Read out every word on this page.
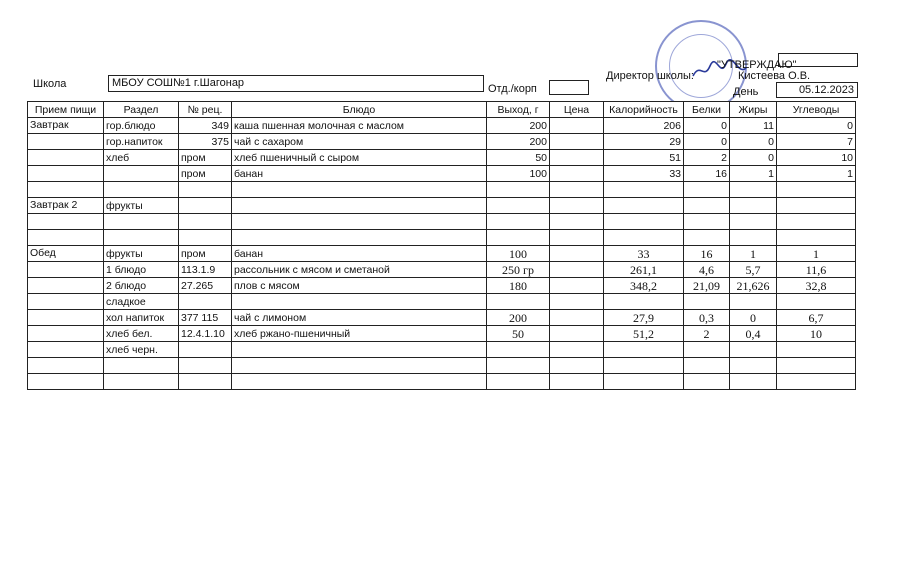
Школа	МБОУ СОШ№1 г.Шагонар	Отд./корп
"УТВЕРЖДАЮ"
Директор школы:	Кистеева О.В.
День	05.12.2023
Прием пищи	Раздел	№ рец.	Блюдо	Выход, г	Цена	Калорийность	Белки	Жиры	Углеводы
Завтрак	гор.блюдо	349	каша пшенная молочная с маслом	200		206	0	11	0
	гор.напиток	375	чай с сахаром	200		29	0	0	7
	хлеб	пром	хлеб пшеничный с сыром	50		51	2	0	10
		пром	банан	100		33	16	1	1

Завтрак 2	фрукты								

Обед	фрукты	пром	банан	100		33	16	1	1
	1 блюдо	113.1.9	рассольник с мясом и сметаной	250 гр		261,1	4,6	5,7	11,6
	2 блюдо	27.265	плов с мясом	180		348,2	21,09	21,626	32,8
	сладкое								
	хол напиток	377 115	чай с лимоном	200		27,9	0,3	0	6,7
	хлеб бел.	12.4.1.10	хлеб ржано-пшеничный	50		51,2	2	0,4	10
	хлеб черн.								
